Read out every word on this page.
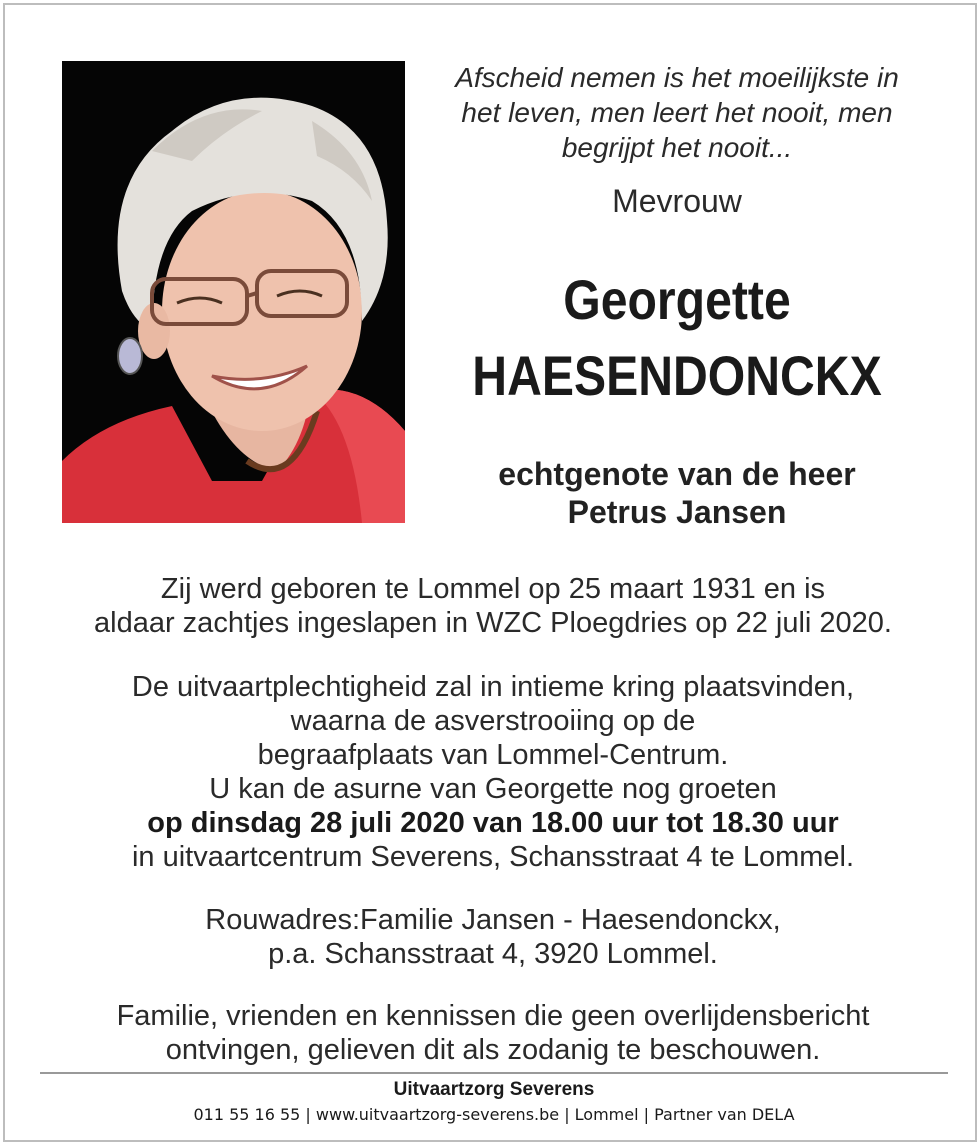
Afscheid nemen is het moeilijkste in
het leven, men leert het nooit, men
begrijpt het nooit...
Mevrouw
Georgette
HAESENDONCKX
echtgenote van de heer
Petrus Jansen
Zij werd geboren te Lommel op 25 maart 1931 en is
aldaar zachtjes ingeslapen in WZC Ploegdries op 22 juli 2020.
De uitvaartplechtigheid zal in intieme kring plaatsvinden,
waarna de asverstrooiing op de
begraafplaats van Lommel-Centrum.
U kan de asurne van Georgette nog groeten
op dinsdag 28 juli 2020 van 18.00 uur tot 18.30 uur
in uitvaartcentrum Severens, Schansstraat 4 te Lommel.
Rouwadres:Familie Jansen - Haesendonckx,
p.a. Schansstraat 4, 3920 Lommel.
Familie, vrienden en kennissen die geen overlijdensbericht
ontvingen, gelieven dit als zodanig te beschouwen.
Uitvaartzorg Severens
011 55 16 55 | www.uitvaartzorg-severens.be | Lommel | Partner van DELA
